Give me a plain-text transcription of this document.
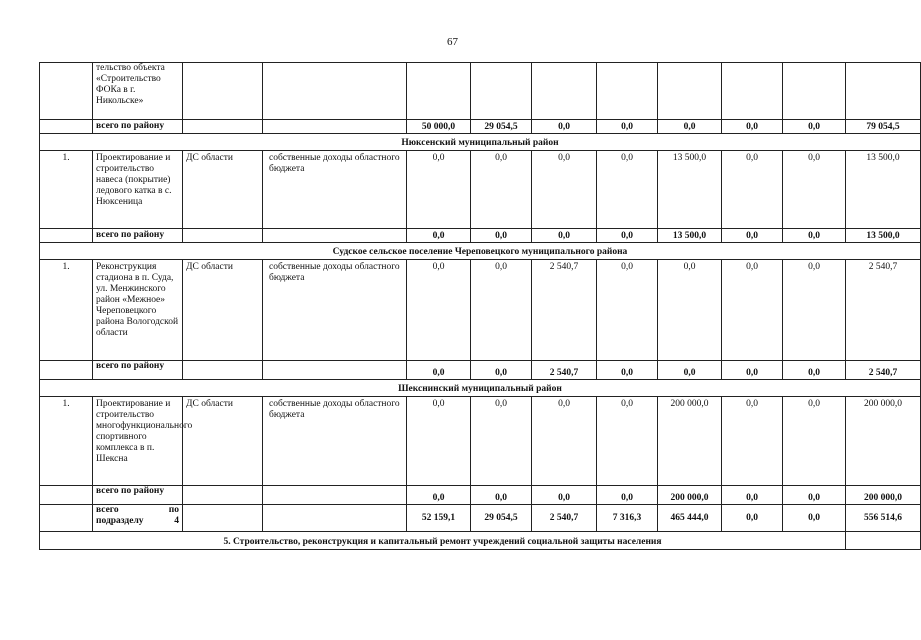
67
	тельство объекта «Строительство ФОКа в г. Никольске»										
	всего по району			50 000,0	29 054,5	0,0	0,0	0,0	0,0	0,0	79 054,5
Нюксенский муниципальный район											
1.	Проектирование и строительство навеса (покрытие) ледового катка в с. Нюксеница	ДС области	собственные доходы областного бюджета	0,0	0,0	0,0	0,0	13 500,0	0,0	0,0	13 500,0
	всего по району			0,0	0,0	0,0	0,0	13 500,0	0,0	0,0	13 500,0
Судское сельское поселение Череповецкого муниципального района											
1.	Реконструкция стадиона в п. Суда, ул. Менжинского район «Межное» Череповецкого района Вологодской области	ДС области	собственные доходы областного бюджета	0,0	0,0	2 540,7	0,0	0,0	0,0	0,0	2 540,7
	всего по району			0,0	0,0	2 540,7	0,0	0,0	0,0	0,0	2 540,7
Шекснинский муниципальный район											
1.	Проектирование и строительство многофункционального спортивного комплекса в п. Шексна	ДС области	собственные доходы областного бюджета	0,0	0,0	0,0	0,0	200 000,0	0,0	0,0	200 000,0
	всего по району			0,0	0,0	0,0	0,0	200 000,0	0,0	0,0	200 000,0
	всего по подразделу 4			52 159,1	29 054,5	2 540,7	7 316,3	465 444,0	0,0	0,0	556 514,6
5. Строительство, реконструкция и капитальный ремонт учреждений социальной защиты населения											
